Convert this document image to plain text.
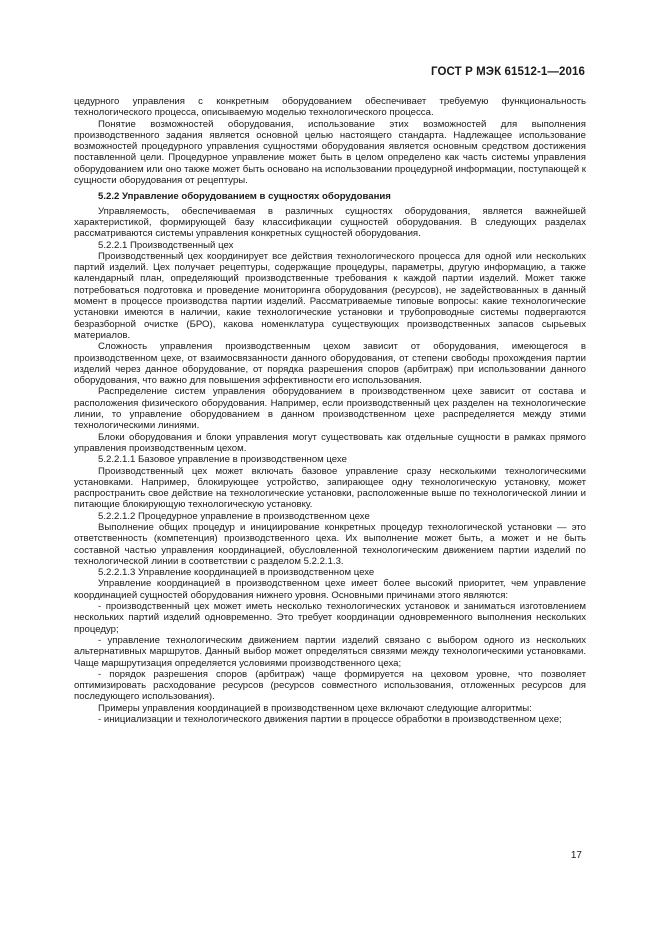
ГОСТ Р МЭК 61512-1—2016

цедурного управления с конкретным оборудованием обеспечивает требуемую функциональность технологического процесса, описываемую моделью технологического процесса.

Понятие возможностей оборудования, использование этих возможностей для выполнения производственного задания является основной целью настоящего стандарта. Надлежащее использование возможностей процедурного управления сущностями оборудования является основным средством достижения поставленной цели. Процедурное управление может быть в целом определено как часть системы управления оборудованием или оно также может быть основано на использовании процедурной информации, поступающей к сущности оборудования от рецептуры.

5.2.2 Управление оборудованием в сущностях оборудования

Управляемость, обеспечиваемая в различных сущностях оборудования, является важнейшей характеристикой, формирующей базу классификации сущностей оборудования. В следующих разделах рассматриваются системы управления конкретных сущностей оборудования.

5.2.2.1 Производственный цех

Производственный цех координирует все действия технологического процесса для одной или нескольких партий изделий. Цех получает рецептуры, содержащие процедуры, параметры, другую информацию, а также календарный план, определяющий производственные требования к каждой партии изделий. Может также потребоваться подготовка и проведение мониторинга оборудования (ресурсов), не задействованных в данный момент в процессе производства партии изделий. Рассматриваемые типовые вопросы: какие технологические установки имеются в наличии, какие технологические установки и трубопроводные системы подвергаются безразборной очистке (БРО), какова номенклатура существующих производственных запасов сырьевых материалов.

Сложность управления производственным цехом зависит от оборудования, имеющегося в производственном цехе, от взаимосвязанности данного оборудования, от степени свободы прохождения партии изделий через данное оборудование, от порядка разрешения споров (арбитраж) при использовании данного оборудования, что важно для повышения эффективности его использования.

Распределение систем управления оборудованием в производственном цехе зависит от состава и расположения физического оборудования. Например, если производственный цех разделен на технологические линии, то управление оборудованием в данном производственном цехе распределяется между этими технологическими линиями.

Блоки оборудования и блоки управления могут существовать как отдельные сущности в рамках прямого управления производственным цехом.

5.2.2.1.1 Базовое управление в производственном цехе

Производственный цех может включать базовое управление сразу несколькими технологическими установками. Например, блокирующее устройство, запирающее одну технологическую установку, может распространить свое действие на технологические установки, расположенные выше по технологической линии и питающие блокирующую технологическую установку.

5.2.2.1.2 Процедурное управление в производственном цехе

Выполнение общих процедур и инициирование конкретных процедур технологической установки — это ответственность (компетенция) производственного цеха. Их выполнение может быть, а может и не быть составной частью управления координацией, обусловленной технологическим движением партии изделий по технологической линии в соответствии с разделом 5.2.2.1.3.

5.2.2.1.3 Управление координацией в производственном цехе

Управление координацией в производственном цехе имеет более высокий приоритет, чем управление координацией сущностей оборудования нижнего уровня. Основными причинами этого являются:

- производственный цех может иметь несколько технологических установок и заниматься изготовлением нескольких партий изделий одновременно. Это требует координации одновременного выполнения нескольких процедур;

- управление технологическим движением партии изделий связано с выбором одного из нескольких альтернативных маршрутов. Данный выбор может определяться связями между технологическими установками. Чаще маршрутизация определяется условиями производственного цеха;

- порядок разрешения споров (арбитраж) чаще формируется на цеховом уровне, что позволяет оптимизировать расходование ресурсов (ресурсов совместного использования, отложенных ресурсов для последующего использования).

Примеры управления координацией в производственном цехе включают следующие алгоритмы:

- инициализации и технологического движения партии в процессе обработки в производственном цехе;

17
